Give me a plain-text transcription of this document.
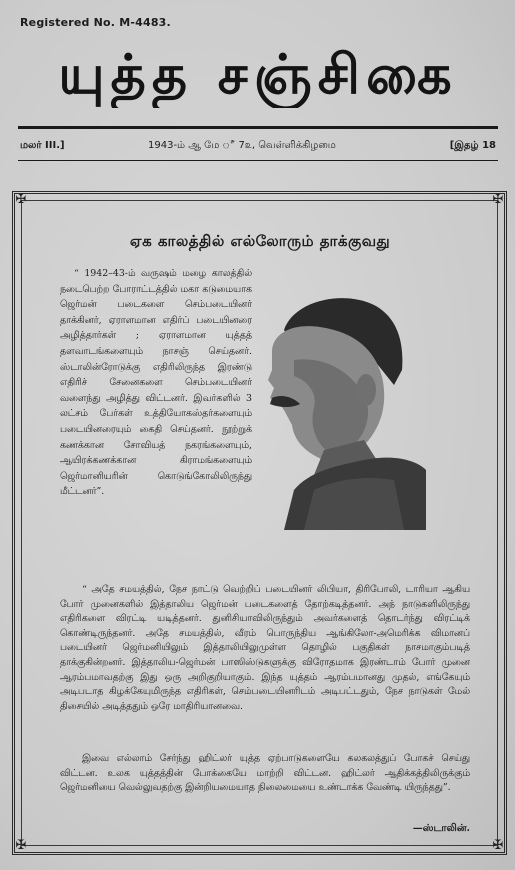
Registered No. M-4483.
யுத்த சஞ்சிகை
மலர் III.]	1943-ம் ஆ மே ீ 7௨, வெள்ளிக்கிழமை	[இதழ் 18
✠	✠
✠	✠
ஏக காலத்தில் எல்லோரும் தாக்குவது

“ 1942–43-ம் வருஷம் மழை காலத்தில் நடைபெற்ற போராட்டத்தில் மகா கடுமையாக ஜெர்மன் படைகளை செம்படையினர் தாக்கினர், ஏராளமான எதிர்ப் படையினரை அழித்தார்கள் ; ஏராளமான யுத்தத் தளவாடங்களையும் நாசஞ் செய்தனர். ஸ்டாலின்ரோடுக்கு எதிரிலிருந்த இரண்டு எதிரிச் சேனைகளை செம்படையினர் வளைந்து அழித்து விட்டனர். இவர்களில் 3 லட்சம் பேர்கள் உத்தியோகஸ்தர்களையும் படையினரையும் கைதி செய்தனர். நூற்றுக் கணக்கான சோவியத் நகரங்களையும், ஆயிரக்கணக்கான கிராமங்களையும் ஜெர்மானியரின் கொடுங்கோலிலிருந்து மீட்டனர்”.

“ அதே சமயத்தில், நேச நாட்டு வெற்றிப் படையினர் லிபியா, திரிபோலி, டாரியா ஆகிய போர் முனைகளில் இத்தாலிய ஜெர்மன் படைகளைத் தோற்கடித்தனர். அந் நாடுகளிலிருந்து எதிரிகளை விரட்டி யடித்தனர். துனிசியாவிலிருந்தும் அவர்களைத் தொடர்ந்து விரட்டிக் கொண்டிருந்தனர். அதே சமயத்தில், வீரம் பொருந்திய ஆங்கிலோ-அமெரிக்க விமானப் படையினர் ஜெர்மனியிலும் இத்தாலியிலுமுள்ள தொழில் பகுதிகள் நாசமாகும்படித் தாக்குகின்றனர். இத்தாலிய-ஜெர்மன் பாஸிஸ்டுகளுக்கு விரோதமாக இரண்டாம் போர் முனை ஆரம்பமாவதற்கு இது ஒரு அறிகுறியாகும். இந்த யுத்தம் ஆரம்பமானது முதல், எங்கேயும் அடிபடாத கிழக்கேயுமிருந்த எதிரிகள், செம்படையினரிடம் அடிபட்டதும், நேச நாடுகள் மேல் திசையில் அடித்ததும் ஒரே மாதிரியானவை.

இவை எல்லாம் சேர்ந்து ஹிட்லர் யுத்த ஏற்பாடுகளையே கலகலத்துப் போகச் செய்து விட்டன. உலக யுத்தத்தின் போக்கையே மாற்றி விட்டன. ஹிட்லர் ஆதிக்கத்திலிருக்கும் ஜெர்மனியை வெல்லுவதற்கு இன்றியமையாத நிலைமையை உண்டாக்க வேண்டி யிருந்தது”.

—ஸ்டாலின்.
